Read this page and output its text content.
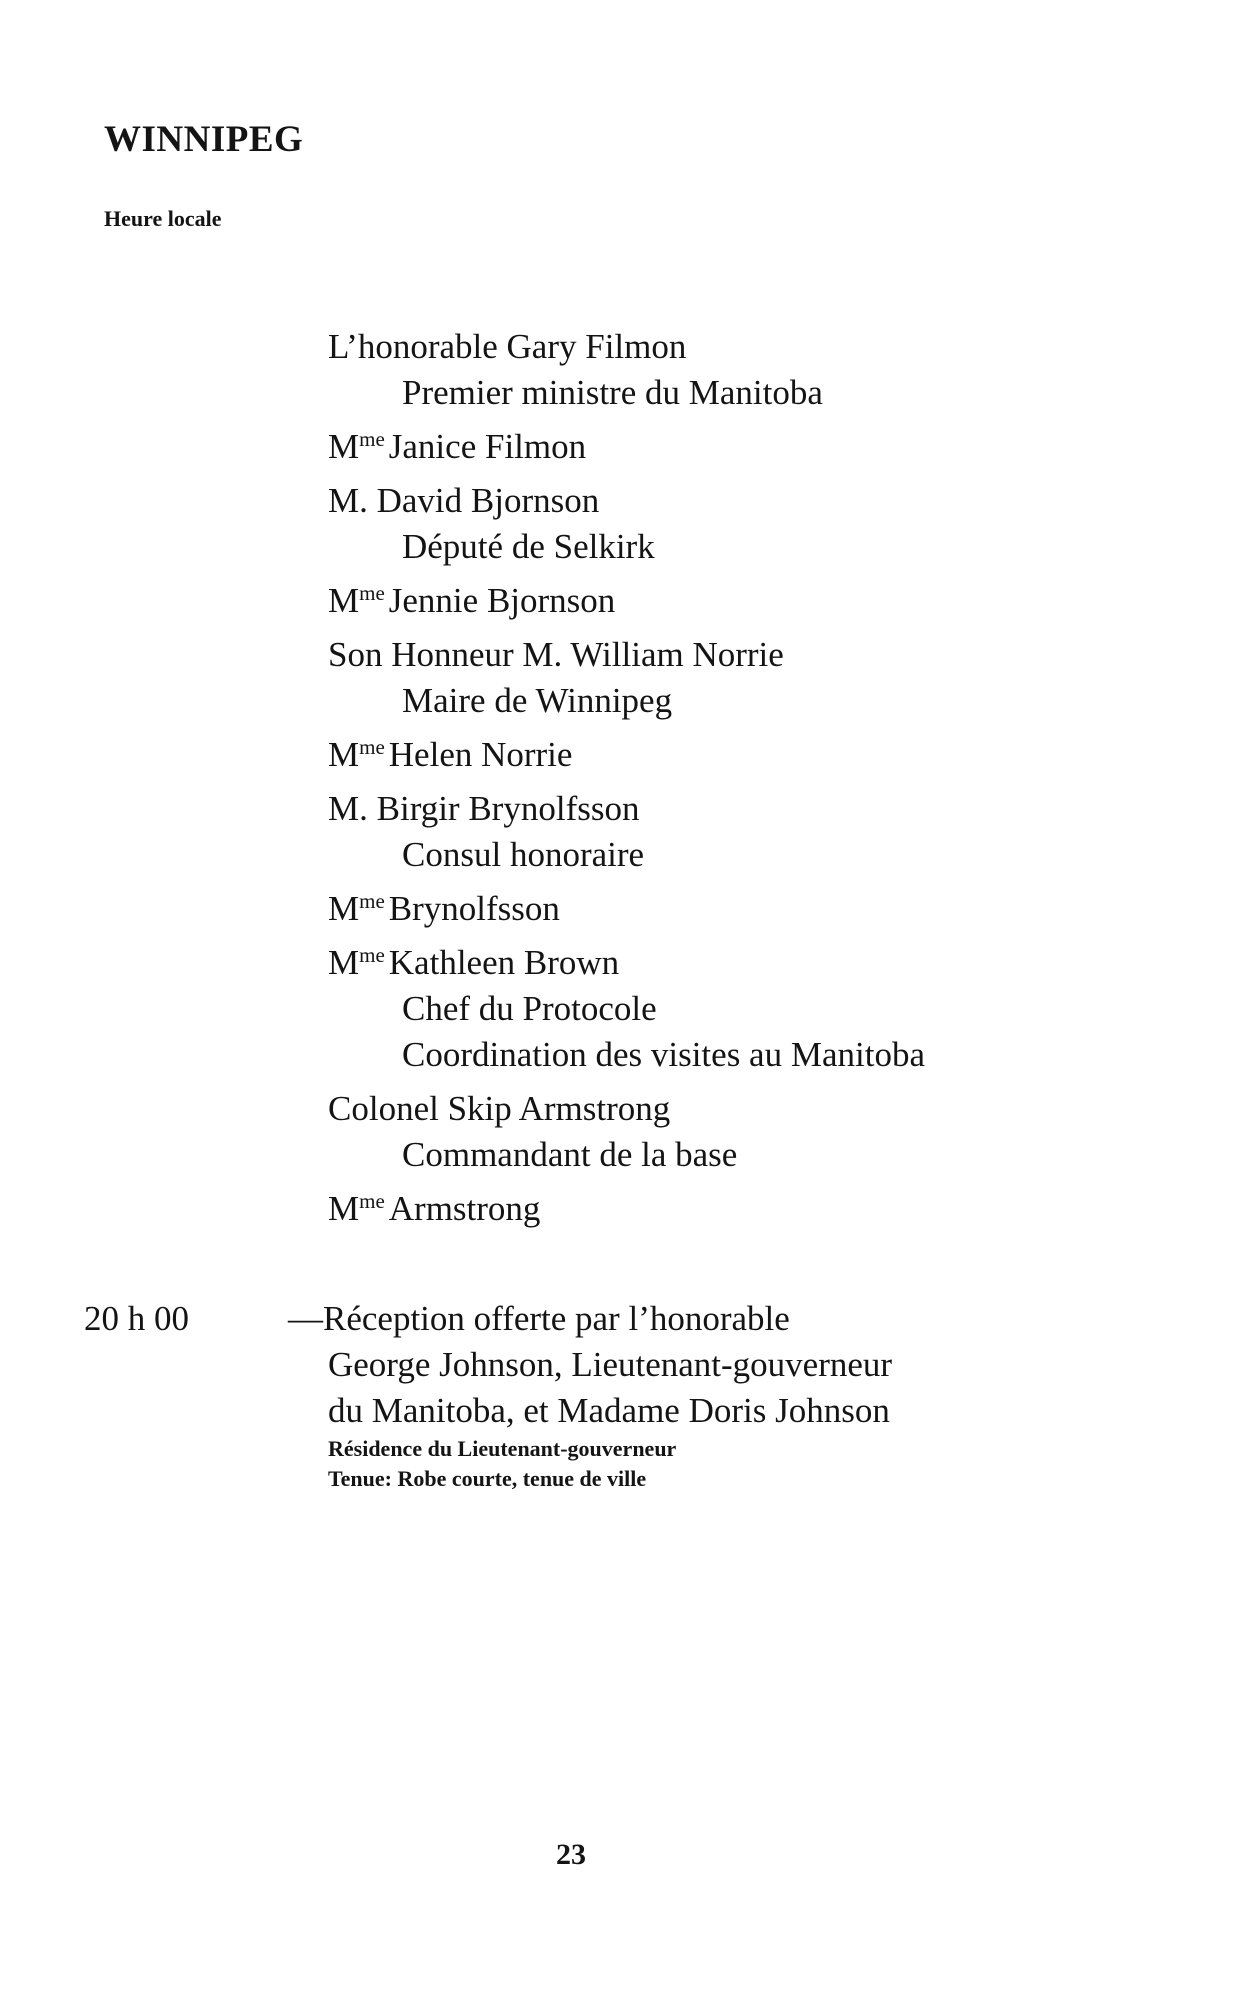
WINNIPEG
Heure locale
L’honorable Gary Filmon
Premier ministre du Manitoba
$M^{me}$ Janice Filmon
M. David Bjornson
Député de Selkirk
$M^{me}$ Jennie Bjornson
Son Honneur M. William Norrie
Maire de Winnipeg
$M^{me}$ Helen Norrie
M. Birgir Brynolfsson
Consul honoraire
$M^{me}$ Brynolfsson
$M^{me}$ Kathleen Brown
Chef du Protocole
Coordination des visites au Manitoba
Colonel Skip Armstrong
Commandant de la base
$M^{me}$ Armstrong
20 h 00	—Réception offerte par l’honorable
George Johnson, Lieutenant-gouverneur
du Manitoba, et Madame Doris Johnson
Résidence du Lieutenant-gouverneur
Tenue: Robe courte, tenue de ville
23
